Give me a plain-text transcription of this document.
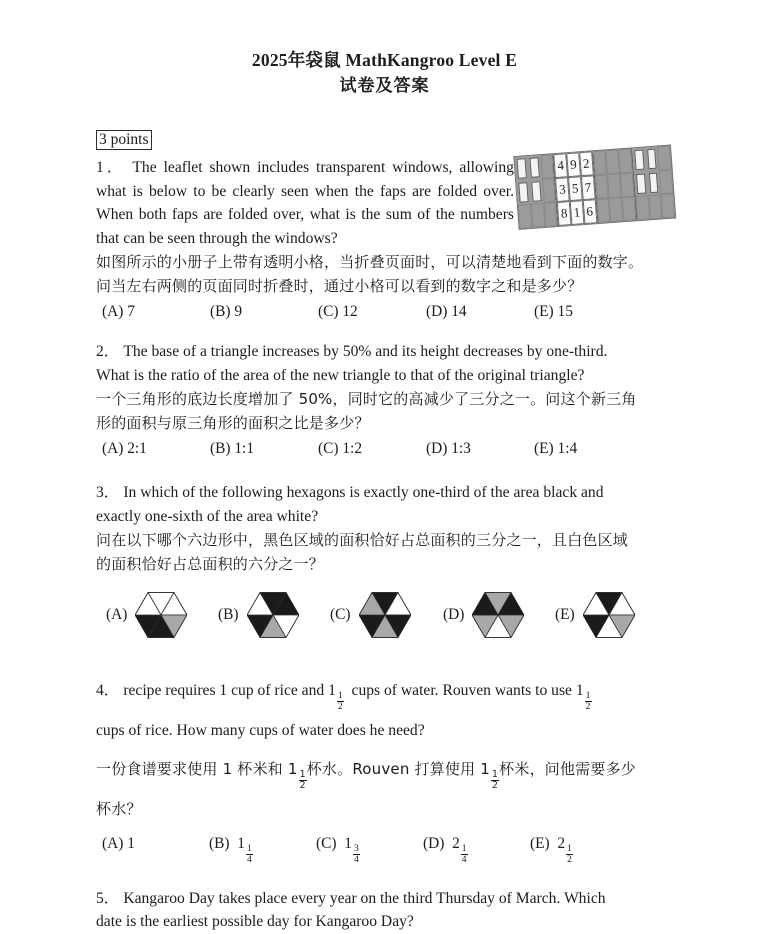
2025年袋鼠 MathKangroo Level E
试卷及答案
3 points
1． The leaflet shown includes transparent windows, allowing what is below to be clearly seen when the faps are folded over. When both faps are folded over, what is the sum of the numbers that can be seen through the windows?
如图所示的小册子上带有透明小格，当折叠页面时，可以清楚地看到下面的数字。
问当左右两侧的页面同时折叠时，通过小格可以看到的数字之和是多少？
(A) 7	(B) 9	(C) 12	(D) 14	(E) 15
4 9 2
3 5 7
8 1 6
2． The base of a triangle increases by 50% and its height decreases by one-third.
What is the ratio of the area of the new triangle to that of the original triangle?
一个三角形的底边长度增加了 50%，同时它的高减少了三分之一。问这个新三角
形的面积与原三角形的面积之比是多少？
(A) 2:1	(B) 1:1	(C) 1:2	(D) 1:3	(E) 1:4
3． In which of the following hexagons is exactly one-third of the area black and
exactly one-sixth of the area white?
问在以下哪个六边形中，黑色区域的面积恰好占总面积的三分之一，且白色区域
的面积恰好占总面积的六分之一？
(A)	(B)	(C)	(D)	(E)
4． recipe requires 1 cup of rice and 1
$\frac{1}{2}$
cups of water. Rouven wants to use 1
$\frac{1}{2}$
cups of rice. How many cups of water does he need?
一份食谱要求使用 1 杯米和 1
$\frac{1}{2}$
杯水。Rouven 打算使用 1
$\frac{1}{2}$
杯米，问他需要多少
杯水？
(A) 1	(B) 1
$\frac{1}{4}$
(C) 1
$\frac{3}{4}$
(D) 2
$\frac{1}{4}$
(E) 2
$\frac{1}{2}$
5． Kangaroo Day takes place every year on the third Thursday of March. Which
date is the earliest possible day for Kangaroo Day?
